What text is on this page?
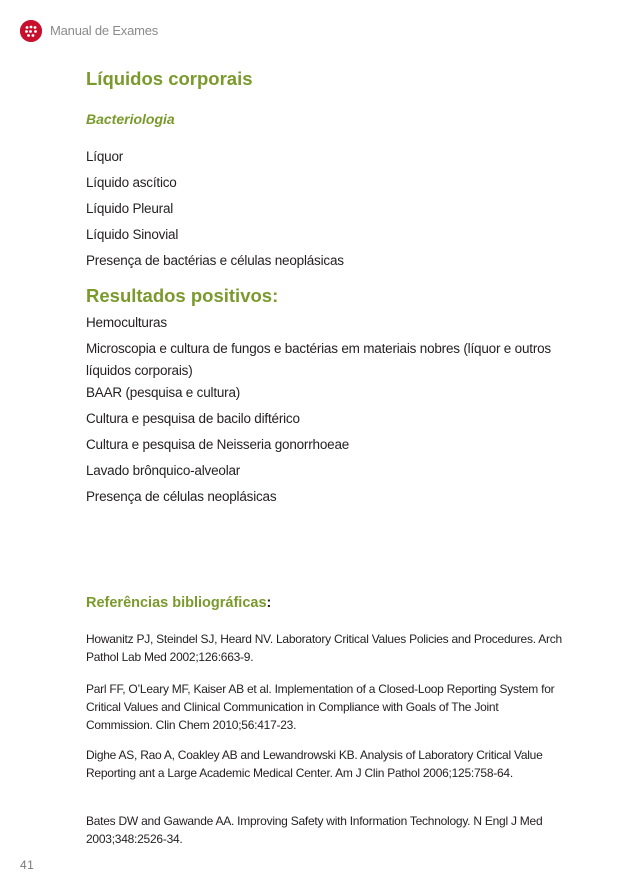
Manual de Exames
Líquidos corporais
Bacteriologia
Líquor
Líquido ascítico
Líquido Pleural
Líquido Sinovial
Presença de bactérias e células neoplásicas
Resultados positivos:
Hemoculturas
Microscopia e cultura de fungos e bactérias em materiais nobres (líquor e outros líquidos corporais)
BAAR (pesquisa e cultura)
Cultura e pesquisa de bacilo diftérico
Cultura e pesquisa de Neisseria gonorrhoeae
Lavado brônquico-alveolar
Presença de células neoplásicas
Referências bibliográficas:
Howanitz PJ, Steindel SJ, Heard NV. Laboratory Critical Values Policies and Procedures. Arch Pathol Lab Med 2002;126:663-9.
Parl FF, O’Leary MF, Kaiser AB et al. Implementation of a Closed-Loop Reporting System for Critical Values and Clinical Communication in Compliance with Goals of The Joint Commission. Clin Chem 2010;56:417-23.
Dighe AS, Rao A, Coakley AB and Lewandrowski KB. Analysis of Laboratory Critical Value Reporting ant a Large Academic Medical Center. Am J Clin Pathol 2006;125:758-64.
Bates DW and Gawande AA. Improving Safety with Information Technology. N Engl J Med 2003;348:2526-34.
41
